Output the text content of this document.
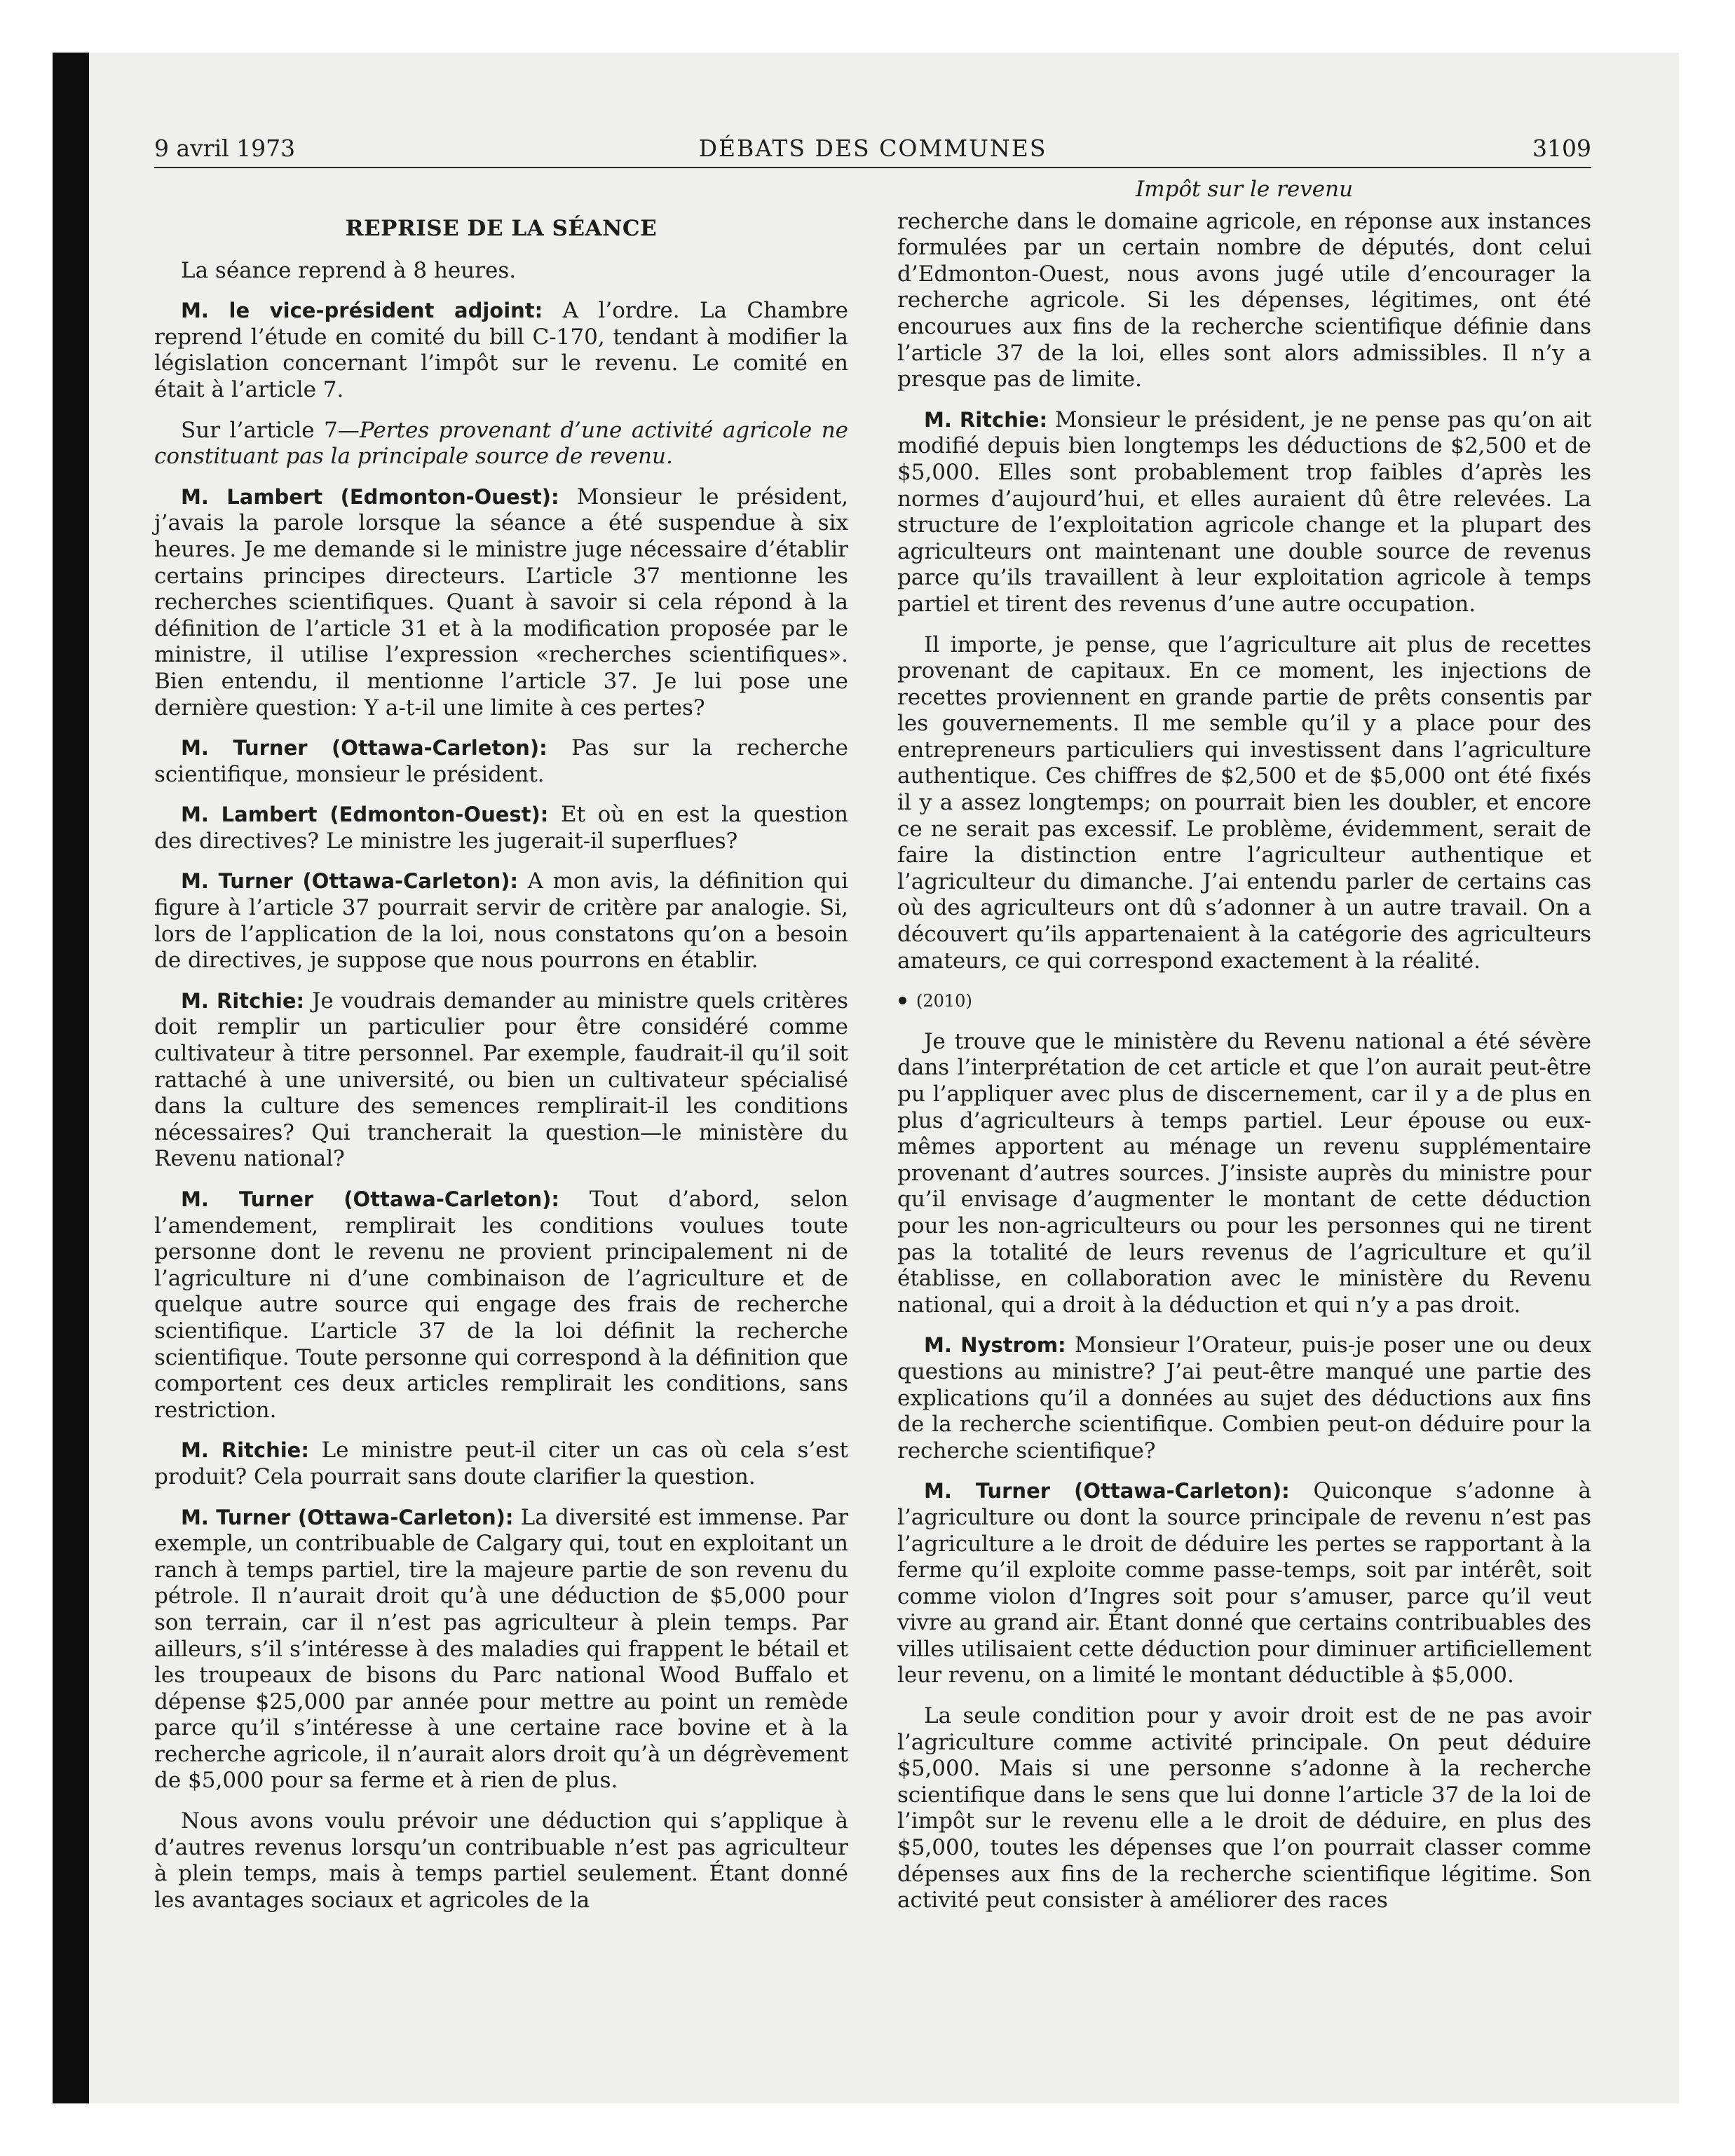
DÉBATS DES COMMUNES
9 avril 1973	3109
REPRISE DE LA SÉANCE

La séance reprend à 8 heures.

M. le vice-président adjoint: A l’ordre. La Chambre reprend l’étude en comité du bill C-170, tendant à modifier la législation concernant l’impôt sur le revenu. Le comité en était à l’article 7.

Sur l’article 7—Pertes provenant d’une activité agricole ne constituant pas la principale source de revenu.

M. Lambert (Edmonton-Ouest): Monsieur le président, j’avais la parole lorsque la séance a été suspendue à six heures. Je me demande si le ministre juge nécessaire d’établir certains principes directeurs. L’article 37 mentionne les recherches scientifiques. Quant à savoir si cela répond à la définition de l’article 31 et à la modification proposée par le ministre, il utilise l’expression «recherches scientifiques». Bien entendu, il mentionne l’article 37. Je lui pose une dernière question: Y a-t-il une limite à ces pertes?

M. Turner (Ottawa-Carleton): Pas sur la recherche scientifique, monsieur le président.

M. Lambert (Edmonton-Ouest): Et où en est la question des directives? Le ministre les jugerait-il superflues?

M. Turner (Ottawa-Carleton): A mon avis, la définition qui figure à l’article 37 pourrait servir de critère par analogie. Si, lors de l’application de la loi, nous constatons qu’on a besoin de directives, je suppose que nous pourrons en établir.

M. Ritchie: Je voudrais demander au ministre quels critères doit remplir un particulier pour être considéré comme cultivateur à titre personnel. Par exemple, faudrait-il qu’il soit rattaché à une université, ou bien un cultivateur spécialisé dans la culture des semences remplirait-il les conditions nécessaires? Qui trancherait la question—le ministère du Revenu national?

M. Turner (Ottawa-Carleton): Tout d’abord, selon l’amendement, remplirait les conditions voulues toute personne dont le revenu ne provient principalement ni de l’agriculture ni d’une combinaison de l’agriculture et de quelque autre source qui engage des frais de recherche scientifique. L’article 37 de la loi définit la recherche scientifique. Toute personne qui correspond à la définition que comportent ces deux articles remplirait les conditions, sans restriction.

M. Ritchie: Le ministre peut-il citer un cas où cela s’est produit? Cela pourrait sans doute clarifier la question.

M. Turner (Ottawa-Carleton): La diversité est immense. Par exemple, un contribuable de Calgary qui, tout en exploitant un ranch à temps partiel, tire la majeure partie de son revenu du pétrole. Il n’aurait droit qu’à une déduction de $5,000 pour son terrain, car il n’est pas agriculteur à plein temps. Par ailleurs, s’il s’intéresse à des maladies qui frappent le bétail et les troupeaux de bisons du Parc national Wood Buffalo et dépense $25,000 par année pour mettre au point un remède parce qu’il s’intéresse à une certaine race bovine et à la recherche agricole, il n’aurait alors droit qu’à un dégrèvement de $5,000 pour sa ferme et à rien de plus.

Nous avons voulu prévoir une déduction qui s’applique à d’autres revenus lorsqu’un contribuable n’est pas agriculteur à plein temps, mais à temps partiel seulement. Étant donné les avantages sociaux et agricoles de la

Impôt sur le revenu

recherche dans le domaine agricole, en réponse aux instances formulées par un certain nombre de députés, dont celui d’Edmonton-Ouest, nous avons jugé utile d’encourager la recherche agricole. Si les dépenses, légitimes, ont été encourues aux fins de la recherche scientifique définie dans l’article 37 de la loi, elles sont alors admissibles. Il n’y a presque pas de limite.

M. Ritchie: Monsieur le président, je ne pense pas qu’on ait modifié depuis bien longtemps les déductions de $2,500 et de $5,000. Elles sont probablement trop faibles d’après les normes d’aujourd’hui, et elles auraient dû être relevées. La structure de l’exploitation agricole change et la plupart des agriculteurs ont maintenant une double source de revenus parce qu’ils travaillent à leur exploitation agricole à temps partiel et tirent des revenus d’une autre occupation.

Il importe, je pense, que l’agriculture ait plus de recettes provenant de capitaux. En ce moment, les injections de recettes proviennent en grande partie de prêts consentis par les gouvernements. Il me semble qu’il y a place pour des entrepreneurs particuliers qui investissent dans l’agriculture authentique. Ces chiffres de $2,500 et de $5,000 ont été fixés il y a assez longtemps; on pourrait bien les doubler, et encore ce ne serait pas excessif. Le problème, évidemment, serait de faire la distinction entre l’agriculteur authentique et l’agriculteur du dimanche. J’ai entendu parler de certains cas où des agriculteurs ont dû s’adonner à un autre travail. On a découvert qu’ils appartenaient à la catégorie des agriculteurs amateurs, ce qui correspond exactement à la réalité.

(2010)

Je trouve que le ministère du Revenu national a été sévère dans l’interprétation de cet article et que l’on aurait peut-être pu l’appliquer avec plus de discernement, car il y a de plus en plus d’agriculteurs à temps partiel. Leur épouse ou eux-mêmes apportent au ménage un revenu supplémentaire provenant d’autres sources. J’insiste auprès du ministre pour qu’il envisage d’augmenter le montant de cette déduction pour les non-agriculteurs ou pour les personnes qui ne tirent pas la totalité de leurs revenus de l’agriculture et qu’il établisse, en collaboration avec le ministère du Revenu national, qui a droit à la déduction et qui n’y a pas droit.

M. Nystrom: Monsieur l’Orateur, puis-je poser une ou deux questions au ministre? J’ai peut-être manqué une partie des explications qu’il a données au sujet des déductions aux fins de la recherche scientifique. Combien peut-on déduire pour la recherche scientifique?

M. Turner (Ottawa-Carleton): Quiconque s’adonne à l’agriculture ou dont la source principale de revenu n’est pas l’agriculture a le droit de déduire les pertes se rapportant à la ferme qu’il exploite comme passe-temps, soit par intérêt, soit comme violon d’Ingres soit pour s’amuser, parce qu’il veut vivre au grand air. Étant donné que certains contribuables des villes utilisaient cette déduction pour diminuer artificiellement leur revenu, on a limité le montant déductible à $5,000.

La seule condition pour y avoir droit est de ne pas avoir l’agriculture comme activité principale. On peut déduire $5,000. Mais si une personne s’adonne à la recherche scientifique dans le sens que lui donne l’article 37 de la loi de l’impôt sur le revenu elle a le droit de déduire, en plus des $5,000, toutes les dépenses que l’on pourrait classer comme dépenses aux fins de la recherche scientifique légitime. Son activité peut consister à améliorer des races
